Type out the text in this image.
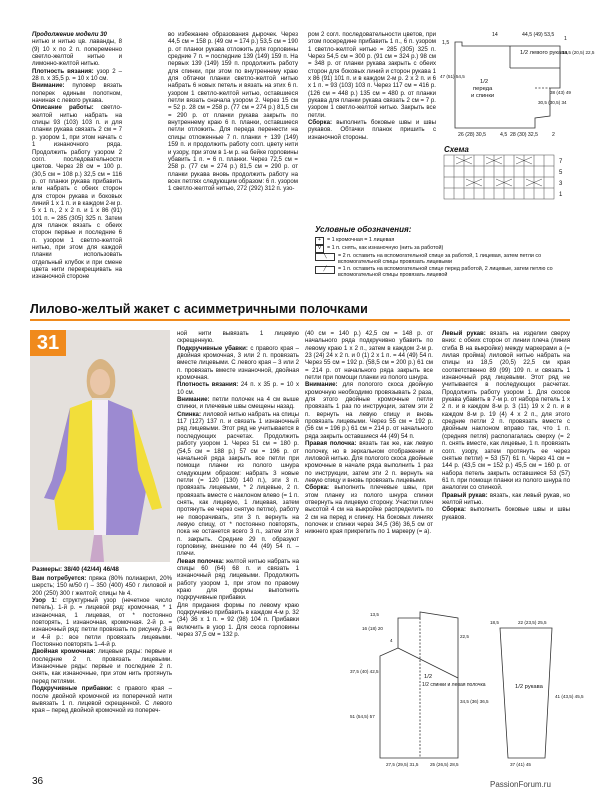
Продолжение модели 30

нитью и нитью цв. лаванды, 8 (9) 10 х по 2 п. попеременно светло-желтой нитью и лимонно-желтой нитью.

Плотность вязания: узор 2 – 28 п. х 35,5 р. = 10 х 10 см.

Внимание: пуловер вязать поперек единым полотном, начиная с левого рукава.

Описание работы: светло-желтой нитью набрать на спицы 93 (103) 103 п. и для планки рукава связать 2 см = 7 р. узором 1, при этом начать с 1 изнаночного ряда. Продолжить работу узором 2 согл. последовательности цветов. Через 28 см = 100 р. (30,5 см = 108 р.) 32,5 см = 116 р. от планки рукава прибавить или набрать с обеих сторон для сторон рукава и боковых линий 1 х 1 п. и в каждом 2-м р. 5 х 1 п., 2 х 2 п. и 1 х 86 (91) 101 п. = 285 (305) 325 п. Затем для планок вязать с обеих сторон первые и последние 6 п. узором 1 светло-желтой нитью, при этом для каждой планки использовать отдельный клубок и при смене цвета нити перекрещивать на изнаночной стороне

во избежание образования дырочек. Через 44,5 см = 158 р. (49 см = 174 р.) 53,5 см = 190 р. от планки рукава отложить для горловины средние 7 п. = последние 139 (149) 159 п. На первых 139 (149) 159 п. продолжить работу для спинки, при этом по внутреннему краю для обтачки планки светло-желтой нитью набрать 6 новых петель и вязать на этих 6 п. узором 1 светло-желтой нитью, оставшиеся петли вязать сначала узором 2. Через 15 см = 52 р. 28 см = 258 р. (77 см = 274 р.) 81,5 см = 290 р. от планки рукава закрыть по внутреннему краю 6 п. планки, оставшиеся петли отложить. Для переда перенести на спицы отложенные 7 п. планки + 139 (149) 159 п. и продолжить работу согл. цвету нити и узору, при этом в 1-м р. на бейке горловины убавить 1 п. = 6 п. планки. Через 72,5 см = 258 р. (77 см = 274 р.) 81,5 см = 290 р. от планки рукава вновь продолжить работу на всех петлях следующим образом: 6 п. узором 1 светло-желтой нитью, 272 (292) 312 п. узо-

ром 2 согл. последовательности цветов, при этом посередине прибавить 1 п., 6 п. узором 1 светло-желтой нитью = 285 (305) 325 п. Через 54,5 см = 300 р. (91 см = 324 р.) 98 см = 348 р. от планки рукава закрыть с обеих сторон для боковых линий и сторон рукава 1 х 86 (91) 101 п. и в каждом 2-м р. 2 х 2 п. и 6 х 1 п. = 93 (103) 103 п. Через 117 см = 416 р. (126 см = 448 р.) 135 см = 480 р. от планки рукава для планки рукава связать 2 см = 7 р. узором 1 светло-желтой нитью. Закрыть все петли.

Сборка: выполнить боковые швы и швы рукавов. Обтачки планок пришить с изнаночной стороны.

1,5
14	44,5 (49) 53,5
1
1/2 левого рукава
18,5 (20,5) 22,5
47 (51) 54,5
1/2
переда
и спинки
38 (43) 49
30,5 (30,5) 34
26 (28) 30,5	4,5 28 (30) 32,5	2
Схема
7
5
3
1
Условные обозначения:
+	= 1 кромочная = 1 лицевая
V	= 1 п. снять, как изнаночную (нить за работой)
╲	= 2 п. оставить на вспомогательной спице за работой, 1 лицевая, затем петли со вспомогательной спицы провязать лицевыми
╱	= 1 п. оставить на вспомогательной спице перед работой, 2 лицевые, затем петлю со вспомогательной спицы провязать лицевой
Лилово-желтый жакет с асимметричными полочками
31
Размеры: 38/40 (42/44) 46/48

Вам потребуется: пряжа (80% полиакрил, 20% шерсть; 150 м/50 г) – 350 (400) 450 г лиловой и 200 (250) 300 г желтой; спицы № 4.

Узор 1: структурный узор (нечетное число петель). 1-й р. = лицевой ряд: кромочная, * 1 изнаночная, 1 лицевая, от * постоянно повторять, 1 изнаночная, кромочная. 2-й р. = изнаночный ряд: петли провязать по рисунку. 3-й и 4-й р.: все петли провязать лицевыми. Постоянно повторять 1–4-й р.

Двойная кромочная: лицевые ряды: первые и последние 2 п. провязать лицевыми. Изнаночные ряды: первые и последние 2 п. снять, как изнаночные, при этом нить протянуть перед петлями.

Подкручивные прибавки: с правого края – после двойной кромочной из поперечной нити вывязать 1 п. лицевой скрещенной. С левого края – перед двойной кромочной из попереч-

ной нити вывязать 1 лицевую скрещенную.

Подкручивные убавки: с правого края – двойная кромочная, 3 или 2 п. провязать вместе лицевыми. С левого края – 3 или 2 п. провязать вместе изнаночной, двойная кромочная.

Плотность вязания: 24 п. х 35 р. = 10 х 10 см.

Внимание: петли полочек на 4 см выше спинки, и плечевые швы смещены назад.

Спинка: лиловой нитью набрать на спицы 117 (127) 137 п. и связать 1 изнаночный ряд лицевыми. Этот ряд не учитывается в последующих расчетах. Продолжить работу узором 1. Через 51 см = 180 р. (54,5 см = 188 р.) 57 см = 196 р. от начальной ряда закрыть все петли при помощи планки из полого шнура следующим образом: набрать 3 новые петли (= 120 (130) 140 п.), эти 3 п. провязать лицевыми, * 2 лицевые, 2 п. провязать вместе с наклоном влево (= 1 п. снять, как лицевую, 1 лицевая, затем протянуть ее через снятую петлю), работу не поворачивать, эти 3 п. вернуть на левую спицу, от * постоянно повторять, пока не останется всего 3 п., затем эти 3 п. закрыть. Средние 29 п. образуют горловину, внешние по 44 (49) 54 п. – плечи.

Левая полочка: желтой нитью набрать на спицы 60 (64) 68 п. и связать 1 изнаночный ряд лицевыми. Продолжить работу узором 1, при этом по правому краю для формы выполнить подкручивные прибавки.

Для придания формы по левому краю подкручивно прибавить в каждом 4-м р. 32 (34) 36 х 1 п. = 92 (98) 104 п. Прибавки включить в узор 1. Для скоса горловины через 37,5 см = 132 р.

(40 см = 140 р.) 42,5 см = 148 р. от начального ряда подкручивно убавить по левому краю 1 х 2 п., затем в каждом 2-м р. 23 (24) 24 х 2 п. и 0 (1) 2 х 1 п. = 44 (49) 54 п. Через 55 см = 192 р. (58,5 см = 200 р.) 61 см = 214 р. от начального ряда закрыть все петли при помощи планки из полого шнура.

Внимание: для пологого скоса двойную кромочную необходимо провязывать 2 раза, для этого двойные кромочные петли провязать 1 раз по инструкции, затем эти 2 п. вернуть на левую спицу и вновь провязать лицевыми. Через 55 см = 192 р. (56 см = 196 р.) 61 см = 214 р. от начального ряда закрыть оставшиеся 44 (49) 54 п.

Правая полочка: вязать так же, как левую полочку, но в зеркальном отображении и лиловой нитью. Для пологого скоса двойные кромочные в начале ряда выполнить 1 раз по инструкции, затем эти 2 п. вернуть на левую спицу и вновь провязать лицевыми.

Сборка: выполнить плечевые швы, при этом планку из полого шнура спинки отвернуть на лицевую сторону. Участки плеч высотой 4 см на выкройке распределить по 2 см на перед и спинку. На боковых линиях полочек и спинки через 34,5 (36) 36,5 см от нижнего края прикрепить по 1 маркеру (= a).

Левый рукав: вязать на изделии сверху вниз: с обеих сторон от линии плеча (линия сгиба В на выкройке) между маркерами а (= лилая пройма) лиловой нитью набрать на спицы из 18,5 (20,5) 22,5 см края соответственно 89 (99) 109 п. и связать 1 изнаночный ряд лицевыми. Этот ряд не учитывается в последующих расчетах. Продолжить работу узором 1. Для скосов рукава убавить в 7-м р. от набора петель 1 х 2 п. и в каждом 8-м р. 3 (11) 19 х 2 п. и в каждом 8-м р. 19 (4) 4 х 2 п., для этого средние петли 2 п. провязать вместе с двойным наклоном вправо так, что 1 п. (средняя петля) располагалась сверху (= 2 п. снять вместе, как лицевые, 1 п. провязать согл. узору, затем протянуть ее через снятые петли) = 53 (57) 61 п. Через 41 см = 144 р. (43,5 см = 152 р.) 45,5 см = 160 р. от набора петель закрыть оставшиеся 53 (57) 61 п. при помощи планки из полого шнура по аналогии со спинкой.

Правый рукав: вязать, как левый рукав, но желтой нитью.

Сборка: выполнить боковые швы и швы рукавов.

1/2
1/2 спинки и левая полочка	1/2 рукава
13,5
16 (18) 20
4
22,5
37,5 (40) 42,5
34,5 (36) 36,5
51 (54,5) 57
27,5 (29,5) 31,5	25 (26,5) 28,5
18,5	22 (23,5) 25,5
41 (43,5) 45,5
37 (41) 45
36	PassionForum.ru
